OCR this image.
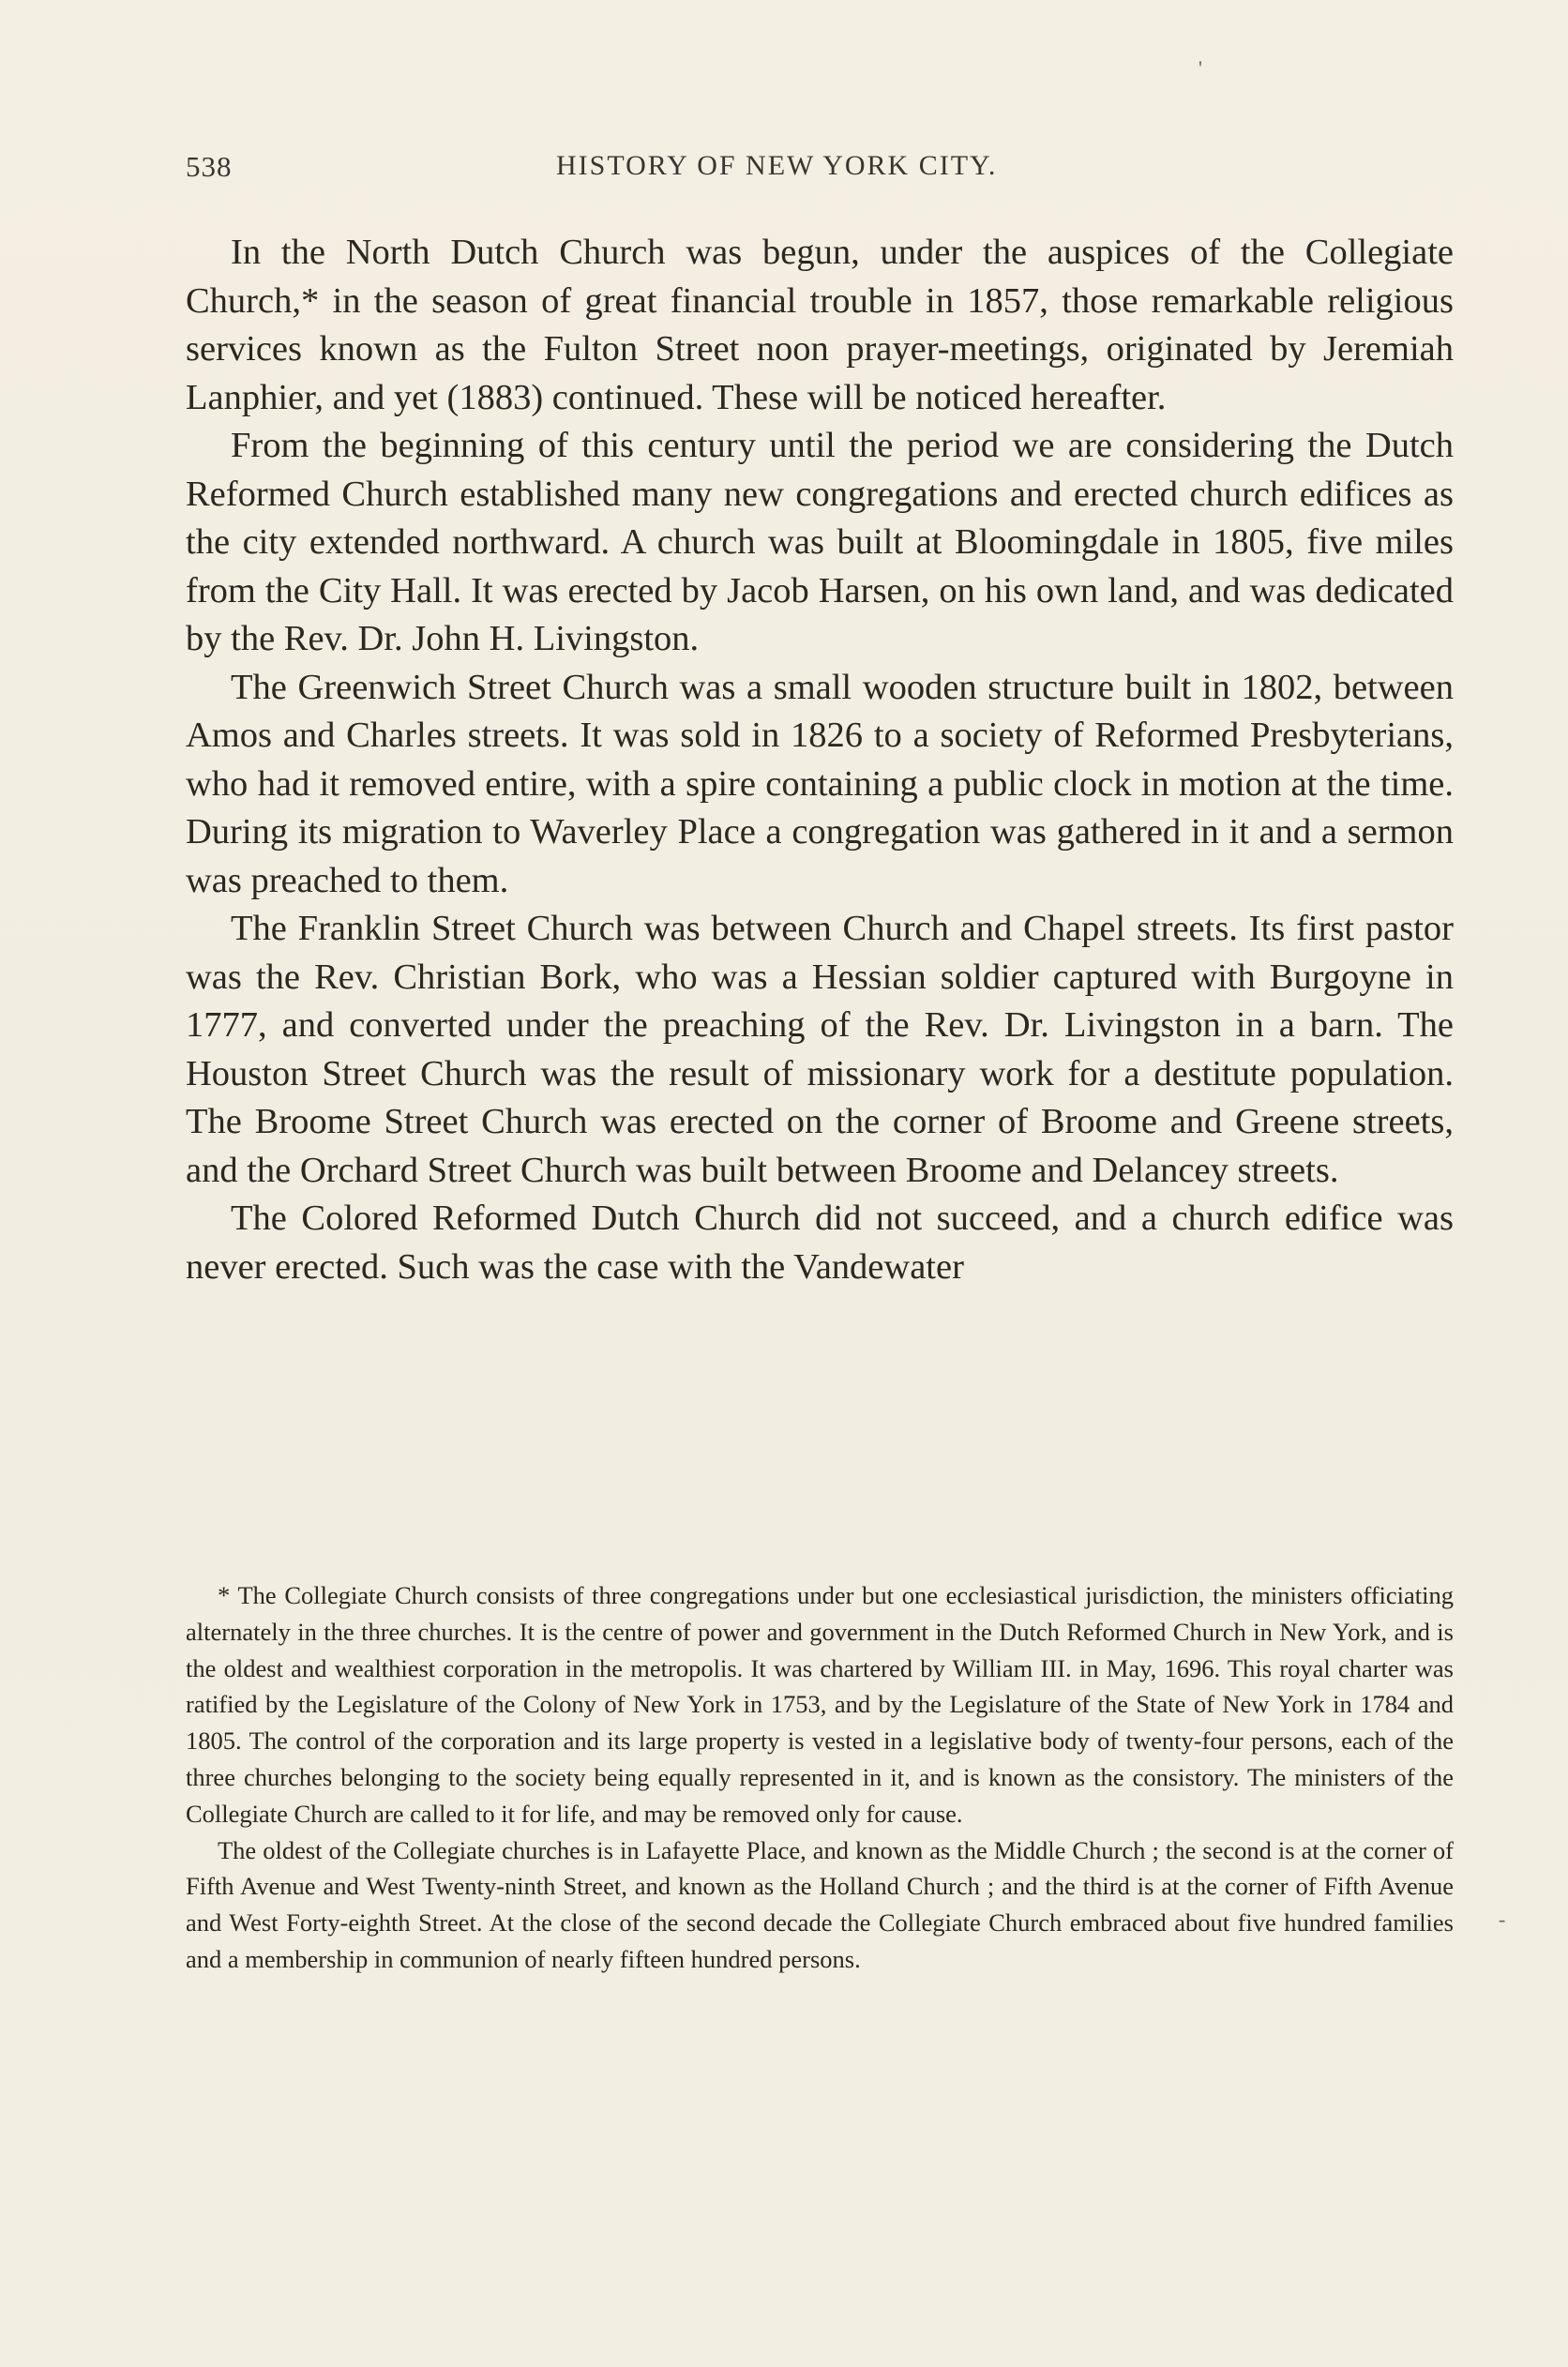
'
538	HISTORY OF NEW YORK CITY.

In the North Dutch Church was begun, under the auspices of the Collegiate Church,* in the season of great financial trouble in 1857, those remarkable religious services known as the Fulton Street noon prayer-meetings, originated by Jeremiah Lanphier, and yet (1883) continued. These will be noticed hereafter.

From the beginning of this century until the period we are considering the Dutch Reformed Church established many new congregations and erected church edifices as the city extended northward. A church was built at Bloomingdale in 1805, five miles from the City Hall. It was erected by Jacob Harsen, on his own land, and was dedicated by the Rev. Dr. John H. Livingston.

The Greenwich Street Church was a small wooden structure built in 1802, between Amos and Charles streets. It was sold in 1826 to a society of Reformed Presbyterians, who had it removed entire, with a spire containing a public clock in motion at the time. During its migration to Waverley Place a congregation was gathered in it and a sermon was preached to them.

The Franklin Street Church was between Church and Chapel streets. Its first pastor was the Rev. Christian Bork, who was a Hessian soldier captured with Burgoyne in 1777, and converted under the preaching of the Rev. Dr. Livingston in a barn. The Houston Street Church was the result of missionary work for a destitute population. The Broome Street Church was erected on the corner of Broome and Greene streets, and the Orchard Street Church was built between Broome and Delancey streets.

The Colored Reformed Dutch Church did not succeed, and a church edifice was never erected. Such was the case with the Vandewater

* The Collegiate Church consists of three congregations under but one ecclesiastical jurisdiction, the ministers officiating alternately in the three churches. It is the centre of power and government in the Dutch Reformed Church in New York, and is the oldest and wealthiest corporation in the metropolis. It was chartered by William III. in May, 1696. This royal charter was ratified by the Legislature of the Colony of New York in 1753, and by the Legislature of the State of New York in 1784 and 1805. The control of the corporation and its large property is vested in a legislative body of twenty-four persons, each of the three churches belonging to the society being equally represented in it, and is known as the consistory. The ministers of the Collegiate Church are called to it for life, and may be removed only for cause.

The oldest of the Collegiate churches is in Lafayette Place, and known as the Middle Church ; the second is at the corner of Fifth Avenue and West Twenty-ninth Street, and known as the Holland Church ; and the third is at the corner of Fifth Avenue and West Forty-eighth Street. At the close of the second decade the Collegiate Church embraced about five hundred families and a membership in communion of nearly fifteen hundred persons.

-
